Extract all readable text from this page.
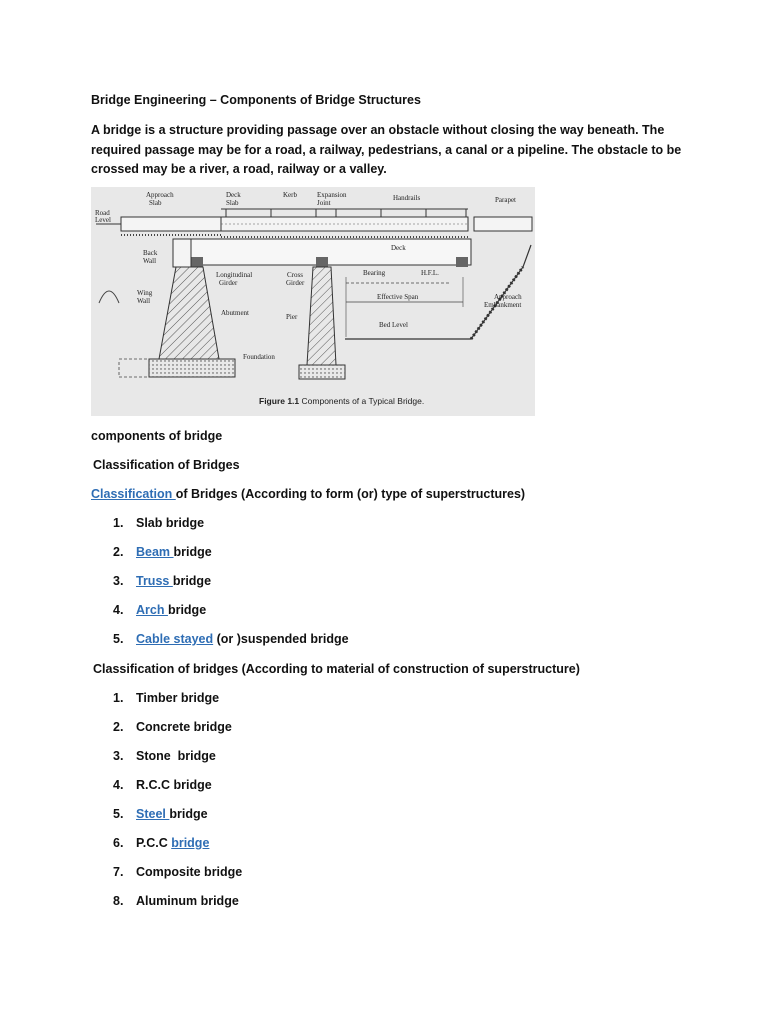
Bridge Engineering – Components of Bridge Structures
A bridge is a structure providing passage over an obstacle without closing the way beneath. The required passage may be for a road, a railway, pedestrians, a canal or a pipeline. The obstacle to be crossed may be a river, a road, railway or a valley.
Approach
Slab
Deck
Slab
Kerb	Expansion
Joint
Handrails	Parapet
Road
Level
Deck
Back
Wall
Longitudinal
Girder
Cross
Girder
Bearing	H.F.L.
Wing
Wall	Effective Span	Approach
Embankment
Abutment	Pier
Bed Level
Foundation
Figure 1.1 Components of a Typical Bridge.
components of bridge
Classification of Bridges
Classification of Bridges (According to form (or) type of superstructures)
1.	Slab bridge
2.	Beam bridge
3.	Truss bridge
4.	Arch bridge
5.	Cable stayed (or )suspended bridge
Classification of bridges (According to material of construction of superstructure)
1.	Timber bridge
2.	Concrete bridge
3.	Stone  bridge
4.	R.C.C bridge
5.	Steel bridge
6.	P.C.C bridge
7.	Composite bridge
8.	Aluminum bridge
